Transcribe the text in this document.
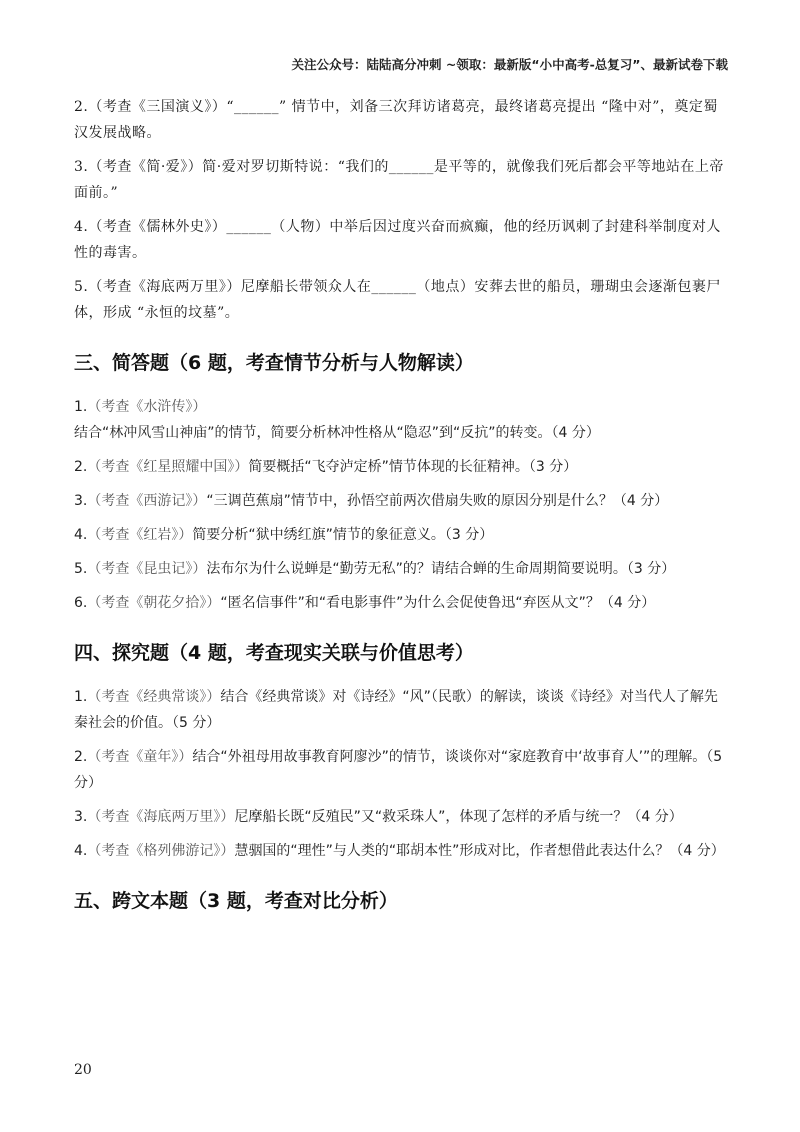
关注公众号：陆陆高分冲刺 ~领取：最新版“小中高考-总复习”、最新试卷下载

2.（考查《三国演义》）“______” 情节中，刘备三次拜访诸葛亮，最终诸葛亮提出 “隆中对”，奠定蜀汉发展战略。

3.（考查《简·爱》）简·爱对罗切斯特说：“我们的______是平等的，就像我们死后都会平等地站在上帝面前。”

4.（考查《儒林外史》）______（人物）中举后因过度兴奋而疯癫，他的经历讽刺了封建科举制度对人性的毒害。

5.（考查《海底两万里》）尼摩船长带领众人在______（地点）安葬去世的船员，珊瑚虫会逐渐包裹尸体，形成 “永恒的坟墓”。

三、简答题（6 题，考查情节分析与人物解读）

1.（考查《水浒传》）结合“林冲风雪山神庙”的情节，简要分析林冲性格从“隐忍”到“反抗”的转变。（4 分）

2.（考查《红星照耀中国》）简要概括“飞夺泸定桥”情节体现的长征精神。（3 分）

3.（考查《西游记》）“三调芭蕉扇”情节中，孙悟空前两次借扇失败的原因分别是什么？（4 分）

4.（考查《红岩》）简要分析“狱中绣红旗”情节的象征意义。（3 分）

5.（考查《昆虫记》）法布尔为什么说蝉是“勤劳无私”的？请结合蝉的生命周期简要说明。（3 分）

6.（考查《朝花夕拾》）“匿名信事件”和“看电影事件”为什么会促使鲁迅“弃医从文”？（4 分）

四、探究题（4 题，考查现实关联与价值思考）

1.（考查《经典常谈》）结合《经典常谈》对《诗经》“风”（民歌）的解读，谈谈《诗经》对当代人了解先秦社会的价值。（5 分）

2.（考查《童年》）结合“外祖母用故事教育阿廖沙”的情节，谈谈你对“家庭教育中‘故事育人’”的理解。（5 分）

3.（考查《海底两万里》）尼摩船长既“反殖民”又“救采珠人”，体现了怎样的矛盾与统一？（4 分）

4.（考查《格列佛游记》）慧骃国的“理性”与人类的“耶胡本性”形成对比，作者想借此表达什么？（4 分）

五、跨文本题（3 题，考查对比分析）
20
